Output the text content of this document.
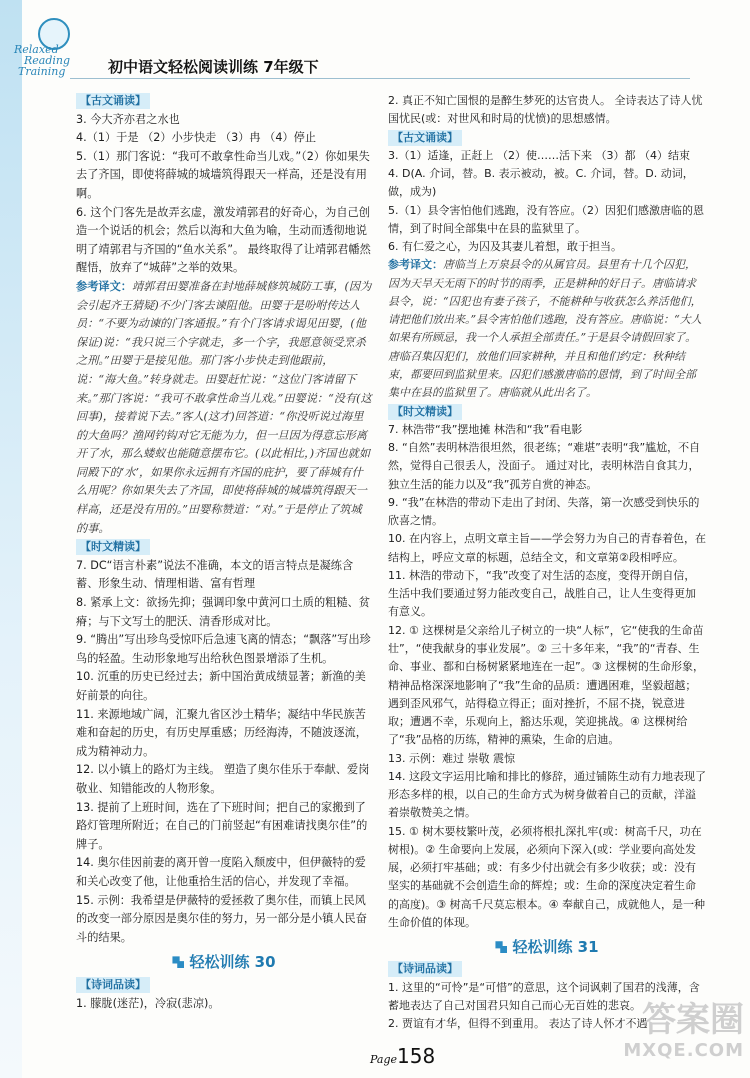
Relaxed
Reading
Training	初中语文轻松阅读训练 7年级下
【古文诵读】

3. 今大齐亦君之水也

4.（1）于是 （2）小步快走 （3）冉 （4）停止

5.（1）那门客说：“我可不敢拿性命当儿戏。”（2）你如果失去了齐国，即使将薛城的城墙筑得跟天一样高，还是没有用啊。

6. 这个门客先是故弄玄虚，激发靖郭君的好奇心，为自己创造一个说话的机会；然后以海和大鱼为喻，生动而透彻地说明了靖郭君与齐国的“鱼水关系”。 最终取得了让靖郭君幡然醒悟，放弃了“城薛”之举的效果。

参考译文：靖郭君田婴准备在封地薛城修筑城防工事，(因为会引起齐王猜疑)不少门客去谏阻他。田婴于是吩咐传达人员：“不要为动谏的门客通报。”有个门客请求谒见田婴，(他保证)说：“我只说三个字就走，多一个字，我愿意领受烹杀之刑。”田婴于是接见他。那门客小步快走到他跟前，说：“海大鱼。”转身就走。田婴赶忙说：“这位门客请留下来。”那门客说：“我可不敢拿性命当儿戏。”田婴说：“没有(这回事)，接着说下去。”客人(这才)回答道：“你没听说过海里的大鱼吗？渔网钓钩对它无能为力，但一旦因为得意忘形离开了水，那么蝼蚁也能随意摆布它。(以此相比，)齐国也就如同殿下的‘水’，如果你永远拥有齐国的庇护，要了薛城有什么用呢？你如果失去了齐国，即使将薛城的城墙筑得跟天一样高，还是没有用的。”田婴称赞道：“对。”于是停止了筑城的事。

【时文精读】

7. DC“语言朴素”说法不准确，本文的语言特点是凝练含蓄、形象生动、情理相谐、富有哲理

8. 紧承上文：欲扬先抑；强调印象中黄河口土质的粗糙、贫瘠；与下文写土的肥沃、清香形成对比。

9. “腾出”写出珍鸟受惊吓后急速飞离的情态；“飘落”写出珍鸟的轻盈。生动形象地写出给秋色图景增添了生机。

10. 沉重的历史已经过去；新中国治黄成绩显著；新渔的美好前景的向往。

11. 来源地域广阔，汇聚九省区沙土精华；凝结中华民族苦难和奋起的历史，有历史厚重感；历经海涛，不随波逐流，成为精神动力。

12. 以小镇上的路灯为主线。 塑造了奥尔佳乐于奉献、爱岗敬业、知错能改的人物形象。

13. 提前了上班时间，选在了下班时间；把自己的家搬到了路灯管理所附近；在自己的门前竖起“有困难请找奥尔佳”的牌子。

14. 奥尔佳因前妻的离开曾一度陷入颓废中，但伊薇特的爱和关心改变了他，让他重拾生活的信心，并发现了幸福。

15. 示例：我希望是伊薇特的爱拯救了奥尔佳，而镇上民风的改变一部分原因是奥尔佳的努力，另一部分是小镇人民奋斗的结果。

轻松训练 30
【诗词品读】

1. 朦胧(迷茫)，冷寂(悲凉)。

2. 真正不知亡国恨的是醉生梦死的达官贵人。 全诗表达了诗人忧国忧民(或：对世风和时局的忧愤)的思想感情。

【古文诵读】

3.（1）适逢，正赶上 （2）使……活下来 （3）都 （4）结束

4. D(A. 介词，替。B. 表示被动，被。C. 介词，替。D. 动词，做，成为)

5.（1）县令害怕他们逃跑，没有答应。（2）因犯们感激唐临的恩情，到了时间全部集中在县的监狱里了。

6. 有仁爱之心，为囚及其妻儿着想，敢于担当。

参考译文：唐临当上万泉县令的从属官员。县里有十几个囚犯，因为天旱天无雨下的时节的雨季，正是耕种的好日子。唐临请求县令，说：“囚犯也有妻子孩子，不能耕种与收获怎么养活他们，请把他们放出来。”县令害怕他们逃跑，没有答应。唐临说：“大人如果有所顾忌，我一个人承担全部责任。”于是县令请假回家了。唐临召集囚犯们，放他们回家耕种，并且和他们约定：秋种结束，都要回到监狱里来。囚犯们感激唐临的恩情，到了时间全部集中在县的监狱里了。唐临就从此出名了。

【时文精读】

7. 林浩带“我”摆地摊 林浩和“我”看电影

8. “自然”表明林浩很坦然，很老练；“难堪”表明“我”尴尬，不自然，觉得自己很丢人，没面子。 通过对比，表明林浩自食其力，独立生活的能力以及“我”孤芳自赏的神态。

9. “我”在林浩的带动下走出了封闭、失落，第一次感受到快乐的欣喜之情。

10. 在内容上，点明文章主旨——学会努力为自己的青春着色，在结构上，呼应文章的标题，总结全文，和文章第②段相呼应。

11. 林浩的带动下，“我”改变了对生活的态度，变得开朗自信，生活中我们要通过努力能改变自己，战胜自己，让人生变得更加有意义。

12. ① 这棵树是父亲给儿子树立的一块“人标”，它“使我的生命苗壮”，“使我献身的事业发展”。② 三十多年来，“我”的“青春、生命、事业、都和白杨树紧紧地连在一起”。③ 这棵树的生命形象，精神品格深深地影响了“我”生命的品质：遭遇困难，坚毅超越；遇到歪风邪气，站得稳立得正；面对挫折，不屈不挠，锐意进取；遭遇不幸，乐观向上，豁达乐观，笑迎挑战。④ 这棵树给了“我”品格的历练，精神的熏染，生命的启迪。

13. 示例：难过 崇敬 震惊

14. 这段文字运用比喻和排比的修辞，通过铺陈生动有力地表现了形态多样的根，以自己的生命方式为树身做着自己的贡献，洋溢着崇敬赞美之情。

15. ① 树木要枝繁叶茂，必须将根扎深扎牢(或：树高千尺，功在树根)。② 生命要向上发展，必须向下深入(或：学业要向高处发展，必须打牢基础；或：有多少付出就会有多少收获；或：没有坚实的基础就不会创造生命的辉煌；或：生命的深度决定着生命的高度)。③ 树高千尺莫忘根本。④ 奉献自己，成就他人，是一种生命价值的体现。

轻松训练 31
【诗词品读】

1. 这里的“可怜”是“可惜”的意思，这个词讽刺了国君的浅薄，含蓄地表达了自己对国君只知自己而心无百姓的悲哀。

2. 贾谊有才华，但得不到重用。 表达了诗人怀才不遇

Page158
答案圈
MXQE.COM
